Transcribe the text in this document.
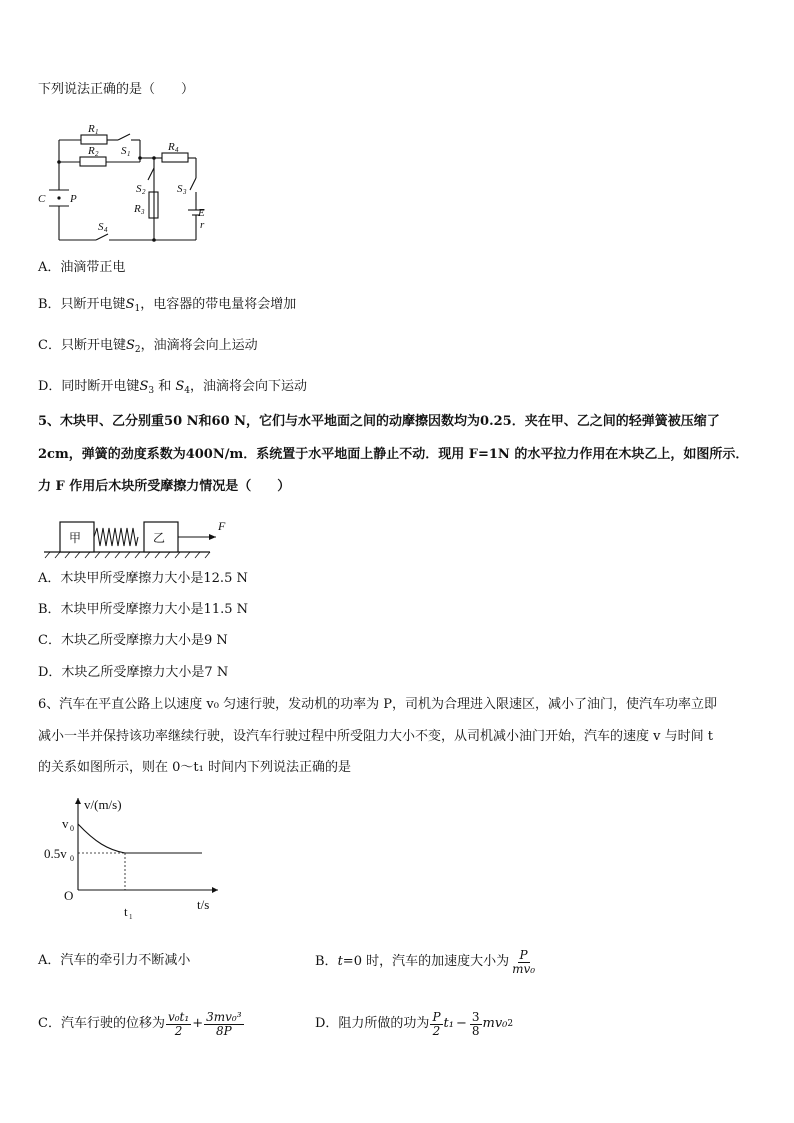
下列说法正确的是（　　）
R 1
R 2 S 1
R 4
S 2
R 3
S 3
E
r
C P
S 4
A．油滴带正电
B．只断开电键$S_1$，电容器的带电量将会增加
C．只断开电键$S_2$，油滴将会向上运动
D．同时断开电键$S_3$ 和 $S_4$，油滴将会向下运动
5、木块甲、乙分别重50 N和60 N，它们与水平地面之间的动摩擦因数均为0.25．夹在甲、乙之间的轻弹簧被压缩了
2cm，弹簧的劲度系数为400N/m．系统置于水平地面上静止不动．现用 F=1N 的水平拉力作用在木块乙上，如图所示．
力 F 作用后木块所受摩擦力情况是（　　）
甲	乙
F
A．木块甲所受摩擦力大小是12.5 N
B．木块甲所受摩擦力大小是11.5 N
C．木块乙所受摩擦力大小是9 N
D．木块乙所受摩擦力大小是7 N
6、汽车在平直公路上以速度 v₀ 匀速行驶，发动机的功率为 P，司机为合理进入限速区，减小了油门，使汽车功率立即
减小一半并保持该功率继续行驶，设汽车行驶过程中所受阻力大小不变，从司机减小油门开始，汽车的速度 v 与时间 t
的关系如图所示，则在 0～t₁ 时间内下列说法正确的是
v/(m/s)
t/s
O
v 0
0.5v 0
t 1
A．汽车的牵引力不断减小	B． t =0 时，汽车的加速度大小为 $\frac{P}{\text{mv₀}}$
C．汽车行驶的位移为 $\frac{\text{v₀t₁}}{2} + \frac{\text{3mv₀³}}{8P}$	D．阻力所做的功为 $\frac{P}{2} t_1 - \frac{3}{8} mv_0$ 2
